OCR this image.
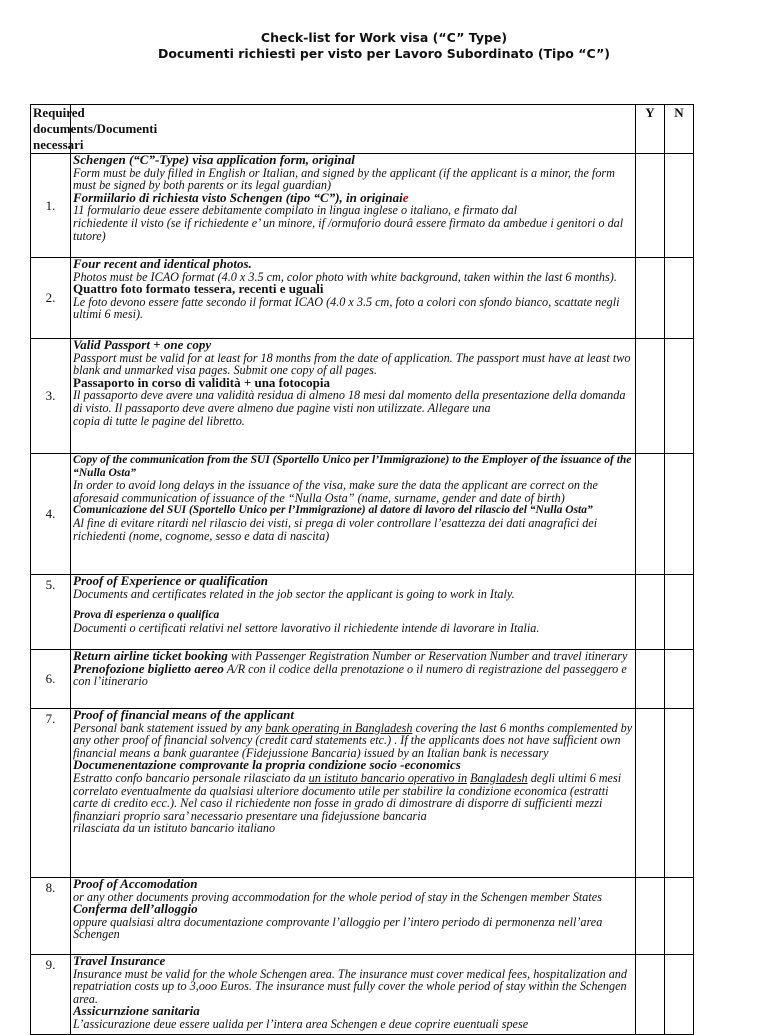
Check-list for Work visa (“C” Type)
Documenti richiesti per visto per Lavoro Subordinato (Tipo “C”)
Required documents/Documenti necessari		Y	N
1.	Schengen (“C”-Type) visa application form, original

Form must be duly filled in English or Italian, and signed by the applicant (if the applicant is a minor, the form must be signed by both parents or its legal guardian)

Formiilario di richiesta visto Schengen (tipo “C”), in originaie

11 formulario deue essere debitamente compilato in lingua inglese o italiano, e firmato dal

richiedente il visto (se if richiedente e’ un minore, if /ormuforio dourâ essere firmato da ambedue i genitori o dal tutore)		

2.	Four recent and identical photos.

Photos must be ICAO format (4.0 x 3.5 cm, color photo with white background, taken within the last 6 months).

Quattro foto formato tessera, recenti e uguali

Le foto devono essere fatte secondo il format ICAO (4.0 x 3.5 cm, foto a colori con sfondo bianco, scattate negli ultimi 6 mesi).		

3.	Valid Passport + one copy

Passport must be valid for at least for 18 months from the date of application. The passport must have at least two blank and unmarked visa pages. Submit one copy of all pages.

Passaporto in corso di validità + una fotocopia

Il passaporto deve avere una validità residua di almeno 18 mesi dal momento della presentazione della domanda di visto. Il passaporto deve avere almeno due pagine visti non utilizzate. Allegare una

copia di tutte le pagine del libretto.		

4.	Copy of the communication from the SUI (Sportello Unico per l’Immigrazione) to the Employer of the issuance of the “Nulla Osta”

In order to avoid long delays in the issuance of the visa, make sure the data the applicant are correct on the aforesaid communication of issuance of the “Nulla Osta” (name, surname, gender and date of birth)

Comunicazione del SUI (Sportello Unico per l’Immigrazione) al datore di lavoro del rilascio del “Nulla Osta”

Al fine di evitare ritardi nel rilascio dei visti, si prega di voler controllare l’esattezza dei dati anagrafici dei richiedenti (nome, cognome, sesso e data di nascita)		

5.	Proof of Experience or qualification

Documents and certificates related in the job sector the applicant is going to work in Italy.

Prova di esperienza o qualifica

Documenti o certificati relativi nel settore lavorativo il richiedente intende di lavorare in Italia.		

6.	Return airline ticket booking with Passenger Registration Number or Reservation Number and travel itinerary

Prenofozione biglietto aereo A/R con il codice della prenotazione o il numero di registrazione del passeggero e con l’itinerario		

7.	Proof of financial means of the applicant

Personal bank statement issued by any bank operating in Bangladesh covering the last 6 months complemented by any other proof of financial solvency (credit card statements etc.) . If the applicants does not have sufficient own financial means a bank guarantee (Fidejussione Bancaria) issued by an Italian bank is necessary

Documenentazione comprovante la propria condizione socio -economics

Estratto confo bancario personale rilasciato da un istituto bancario operativo in Bangladesh degli ultimi 6 mesi correlato eventualmente da qualsiasi ulteriore documento utile per stabilire la condizione economica (estratti carte di credito ecc.). Nel caso il richiedente non fosse in grado di dimostrare di disporre di sufficienti mezzi finanziari proprio sara’ necessario presentare una fidejussione bancaria

rilasciata da un istituto bancario italiano		

8.	Proof of Accomodation

or any other documents proving accommodation for the whole period of stay in the Schengen member States

Conferma dell’alloggio

oppure qualsiasi altra documentazione comprovante l’alloggio per l’intero periodo di permonenza nell’area Schengen		

9.	Travel Insurance

Insurance must be valid for the whole Schengen area. The insurance must cover medical fees, hospitalization and repatriation costs up to 3,ooo Euros. The insurance must fully cover the whole period of stay within the Schengen area.

Assicurnzione sanitaria

L’assicurazione deue essere ualida per l’intera area Schengen e deue coprire euentuali spese		
